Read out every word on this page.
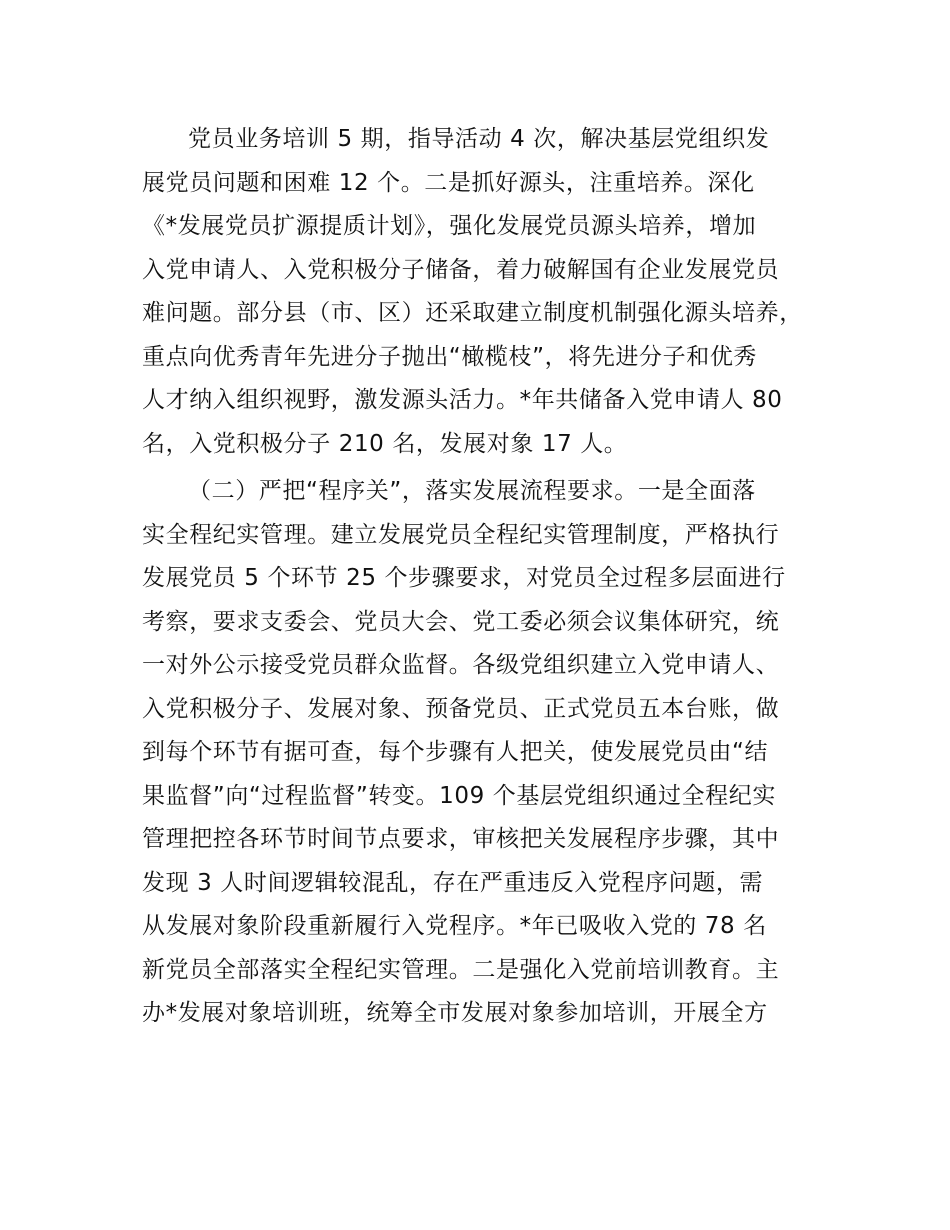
党员业务培训 5 期，指导活动 4 次，解决基层党组织发
展党员问题和困难 12 个。二是抓好源头，注重培养。深化
《*发展党员扩源提质计划》，强化发展党员源头培养，增加
入党申请人、入党积极分子储备，着力破解国有企业发展党员
难问题。部分县（市、区）还采取建立制度机制强化源头培养，
重点向优秀青年先进分子抛出“橄榄枝”，将先进分子和优秀
人才纳入组织视野，激发源头活力。*年共储备入党申请人 80
名，入党积极分子 210 名，发展对象 17 人。
（二）严把“程序关”，落实发展流程要求。一是全面落
实全程纪实管理。建立发展党员全程纪实管理制度，严格执行
发展党员 5 个环节 25 个步骤要求，对党员全过程多层面进行
考察，要求支委会、党员大会、党工委必须会议集体研究，统
一对外公示接受党员群众监督。各级党组织建立入党申请人、
入党积极分子、发展对象、预备党员、正式党员五本台账，做
到每个环节有据可查，每个步骤有人把关，使发展党员由“结
果监督”向“过程监督”转变。109 个基层党组织通过全程纪实
管理把控各环节时间节点要求，审核把关发展程序步骤，其中
发现 3 人时间逻辑较混乱，存在严重违反入党程序问题，需
从发展对象阶段重新履行入党程序。*年已吸收入党的 78 名
新党员全部落实全程纪实管理。二是强化入党前培训教育。主
办*发展对象培训班，统筹全市发展对象参加培训，开展全方
